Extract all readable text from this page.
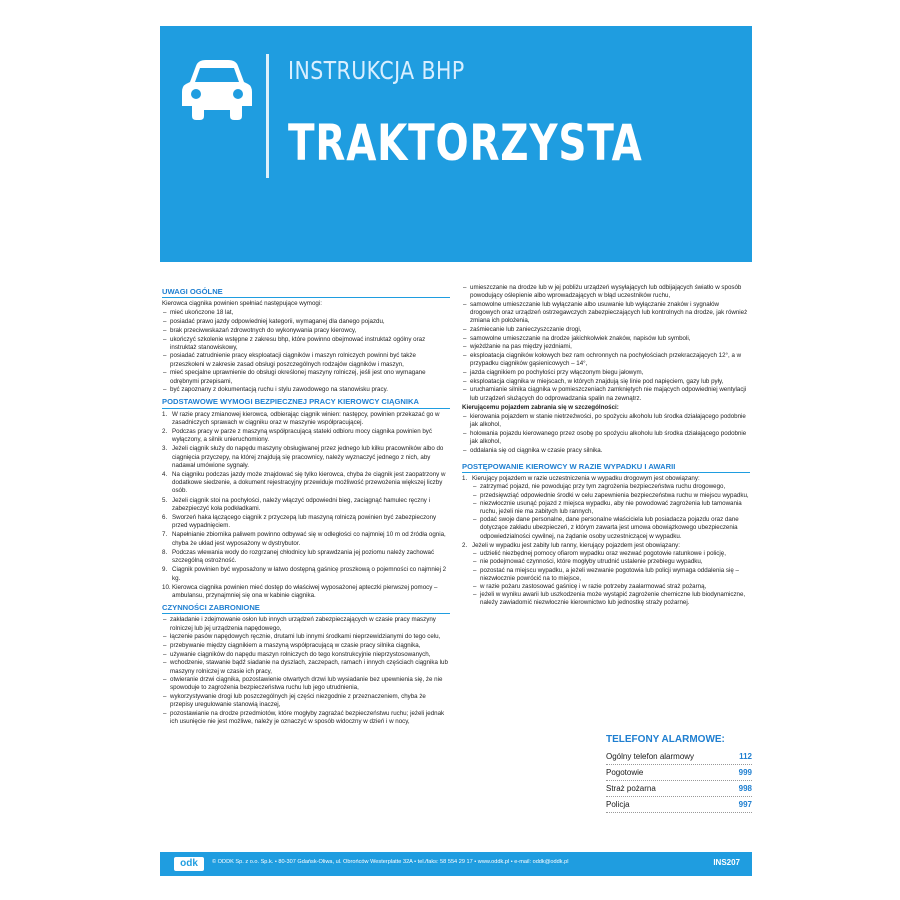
INSTRUKCJA BHP
TRAKTORZYSTA
UWAGI OGÓLNE
Kierowca ciągnika powinien spełniać następujące wymogi:
– mieć ukończone 18 lat,
– posiadać prawo jazdy odpowiedniej kategorii, wymaganej dla danego pojazdu,
– brak przeciwwskazań zdrowotnych do wykonywania pracy kierowcy,
– ukończyć szkolenie wstępne z zakresu bhp, które powinno obejmować instruktaż ogólny oraz instruktaż stanowiskowy,
– posiadać zatrudnienie pracy eksploatacji ciągników i maszyn rolniczych powinni być także przeszkoleni w zakresie zasad obsługi poszczególnych rodzajów ciągników i maszyn,
– mieć specjalne uprawnienie do obsługi określonej maszyny rolniczej, jeśli jest ono wymagane odrębnymi przepisami,
– być zapoznany z dokumentacją ruchu i stylu zawodowego na stanowisku pracy.
PODSTAWOWE WYMOGI BEZPIECZNEJ PRACY KIEROWCY CIĄGNIKA
1. W razie pracy zmianowej kierowca, odbierając ciągnik winien: następcy, powinien przekazać go w zasadniczych sprawach w ciągniku oraz w maszynie współpracującej.
2. Podczas pracy w parze z maszyną współpracującą stateki odbioru mocy ciągnika powinien być wyłączony, a silnik unieruchomiony.
3. Jeżeli ciągnik służy do napędu maszyny obsługiwanej przez jednego lub kilku pracowników albo do ciągnięcia przyczepy, na której znajdują się pracownicy, należy wyznaczyć jednego z nich, aby nadawał umówione sygnały.
4. Na ciągniku podczas jazdy może znajdować się tylko kierowca, chyba że ciągnik jest zaopatrzony w dodatkowe siedzenie, a dokument rejestracyjny przewiduje możliwość przewożenia większej liczby osób.
5. Jeżeli ciągnik stoi na pochyłości, należy włączyć odpowiedni bieg, zaciągnąć hamulec ręczny i zabezpieczyć koła podkładkami.
6. Sworzeń haka łączącego ciągnik z przyczepą lub maszyną rolniczą powinien być zabezpieczony przed wypadnięciem.
7. Napełnianie zbiornika paliwem powinno odbywać się w odległości co najmniej 10 m od źródła ognia, chyba że układ jest wyposażony w dystrybutor.
8. Podczas wlewania wody do rozgrzanej chłodnicy lub sprawdzania jej poziomu należy zachować szczególną ostrożność.
9. Ciągnik powinien być wyposażony w łatwo dostępną gaśnicę proszkową o pojemności co najmniej 2 kg.
10. Kierowca ciągnika powinien mieć dostęp do właściwej wyposażonej apteczki pierwszej pomocy – ambulansu, przynajmniej się ona w kabinie ciągnika.
CZYNNOŚCI ZABRONIONE
– zakładanie i zdejmowanie osłon lub innych urządzeń zabezpieczających w czasie pracy maszyny rolniczej lub jej urządzenia napędowego,
– łączenie pasów napędowych ręcznie, drutami lub innymi środkami nieprzewidzianymi do tego celu,
– przebywanie między ciągnikiem a maszyną współpracującą w czasie pracy silnika ciągnika,
– używanie ciągników do napędu maszyn rolniczych do tego konstrukcyjnie nieprzystosowanych,
– wchodzenie, stawanie bądź siadanie na dyszlach, zaczepach, ramach i innych częściach ciągnika lub maszyny rolniczej w czasie ich pracy,
– otwieranie drzwi ciągnika, pozostawienie otwartych drzwi lub wysiadanie bez upewnienia się, że nie spowoduje to zagrożenia bezpieczeństwa ruchu lub jego utrudnienia,
– wykorzystywanie drogi lub poszczególnych jej części niezgodnie z przeznaczeniem, chyba że przepisy uregulowanie stanowią inaczej,
– pozostawianie na drodze przedmiotów, które mogłyby zagrażać bezpieczeństwu ruchu; jeżeli jednak ich usunięcie nie jest możliwe, należy je oznaczyć w sposób widoczny w dzień i w nocy,
– umieszczanie na drodze lub w jej pobliżu urządzeń wysyłających lub odbijających światło w sposób powodujący oślepienie albo wprowadzających w błąd uczestników ruchu,
– samowolne umieszczanie lub wyłączanie albo usuwanie lub wyłączanie znaków i sygnałów drogowych oraz urządzeń ostrzegawczych zabezpieczających lub kontrolnych na drodze, jak również zmiana ich położenia,
– zaśmiecanie lub zanieczyszczanie drogi,
– samowolne umieszczanie na drodze jakichkolwiek znaków, napisów lub symboli,
– wjeżdżanie na pas między jezdniami,
– eksploatacja ciągników kołowych bez ram ochronnych na pochyłościach przekraczających 12°, a w przypadku ciągników gąsienicowych – 14°,
– jazda ciągnikiem po pochyłości przy włączonym biegu jałowym,
– eksploatacja ciągnika w miejscach, w których znajdują się linie pod napięciem, gazy lub pyły,
– uruchamianie silnika ciągnika w pomieszczeniach zamkniętych nie mających odpowiedniej wentylacji lub urządzeń służących do odprowadzania spalin na zewnątrz.
Kierującemu pojazdem zabrania się w szczególności:
– kierowania pojazdem w stanie nietrzeźwości, po spożyciu alkoholu lub środka działającego podobnie jak alkohol,
– holowania pojazdu kierowanego przez osobę po spożyciu alkoholu lub środka działającego podobnie jak alkohol,
– oddalania się od ciągnika w czasie pracy silnika.
POSTĘPOWANIE KIEROWCY W RAZIE WYPADKU I AWARII
1. Kierujący pojazdem w razie uczestniczenia w wypadku drogowym jest obowiązany:
– zatrzymać pojazd, nie powodując przy tym zagrożenia bezpieczeństwa ruchu drogowego,
– przedsięwziąć odpowiednie środki w celu zapewnienia bezpieczeństwa ruchu w miejscu wypadku,
– niezwłocznie usunąć pojazd z miejsca wypadku, aby nie powodować zagrożenia lub tamowania ruchu, jeżeli nie ma zabitych lub rannych,
– podać swoje dane personalne, dane personalne właściciela lub posiadacza pojazdu oraz dane dotyczące zakładu ubezpieczeń, z którym zawarta jest umowa obowiązkowego ubezpieczenia odpowiedzialności cywilnej, na żądanie osoby uczestniczącej w wypadku.
2. Jeżeli w wypadku jest zabity lub ranny, kierujący pojazdem jest obowiązany:
– udzielić niezbędnej pomocy ofiarom wypadku oraz wezwać pogotowie ratunkowe i policję,
– nie podejmować czynności, które mogłyby utrudnić ustalenie przebiegu wypadku,
– pozostać na miejscu wypadku, a jeżeli wezwanie pogotowia lub policji wymaga oddalenia się – niezwłocznie powrócić na to miejsce,
– w razie pożaru zastosować gaśnicę i w razie potrzeby zaalarmować straż pożarną,
– jeżeli w wyniku awarii lub uszkodzenia może wystąpić zagrożenie chemiczne lub biodynamiczne, należy zawiadomić niezwłocznie kierownictwo lub jednostkę straży pożarnej.
TELEFONY ALARMOWE:
Ogólny telefon alarmowy	112
Pogotowie	999
Straż pożarna	998
Policja	997
odk	© ODDK Sp. z o.o. Sp.k. • 80-307 Gdańsk-Oliwa, ul. Obrońców Westerplatte 32A • tel./faks: 58 554 29 17 • www.oddk.pl • e-mail: oddk@oddk.pl	INS207
